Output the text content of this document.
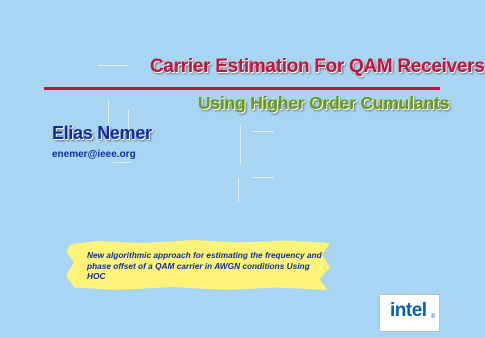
Carrier Estimation For QAM Receivers
Using Higher Order Cumulants
Elias Nemer
enemer@ieee.org
New algorithmic approach for estimating the frequency and phase offset of a QAM carrier in AWGN conditions Using HOC
intel ®
